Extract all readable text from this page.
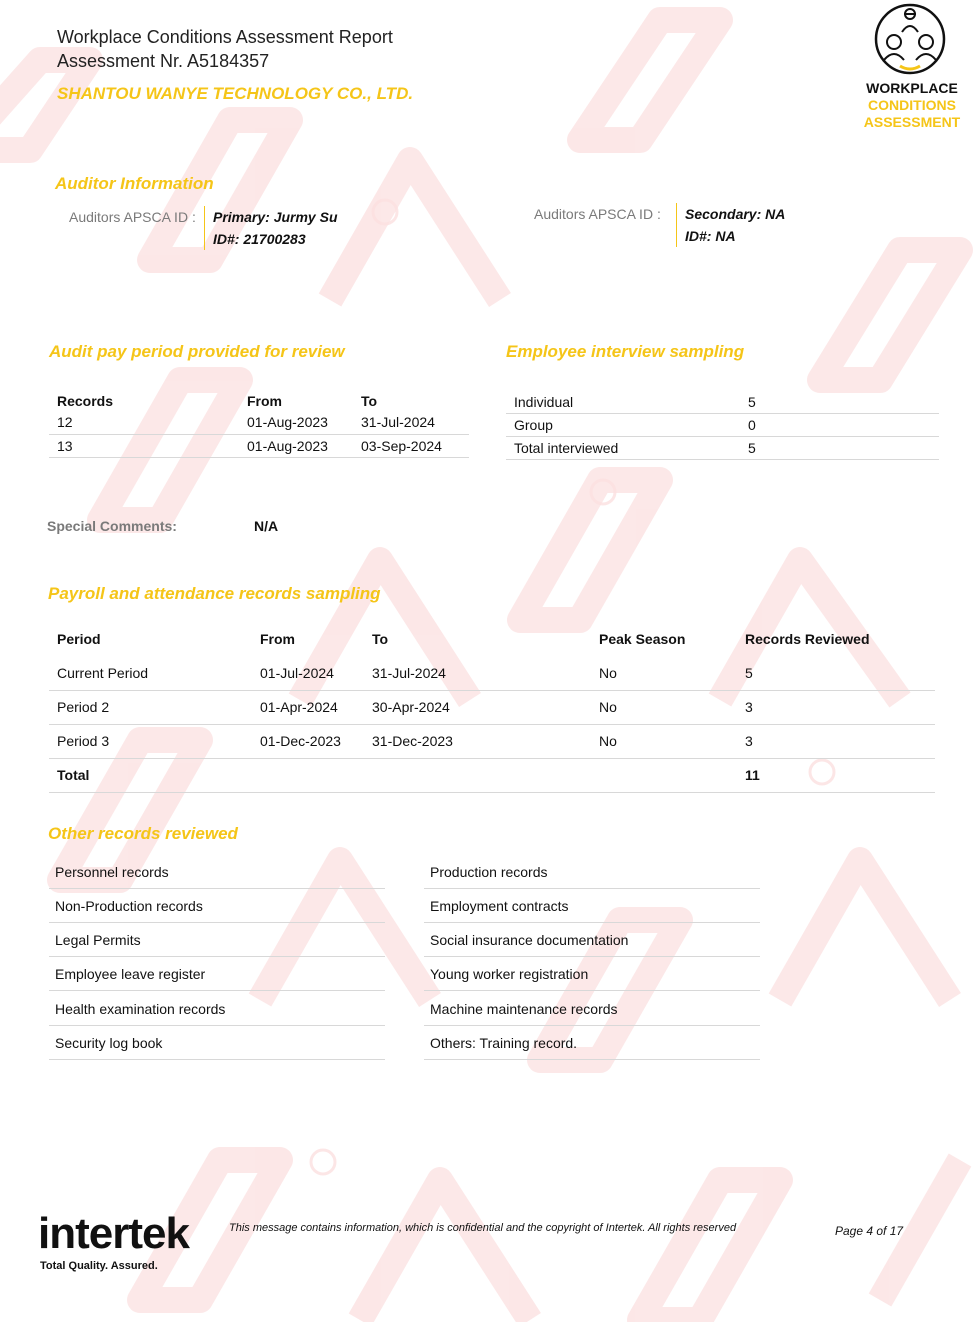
Workplace Conditions Assessment Report
Assessment Nr. A5184357
SHANTOU WANYE TECHNOLOGY CO., LTD.	WORKPLACE
CONDITIONS
ASSESSMENT
Auditor Information
Auditors APSCA ID : Primary: Jurmy Su
ID#: 21700283
Auditors APSCA ID : Secondary: NA
ID#: NA
Audit pay period provided for review
Records	From	To
12	01-Aug-2023	31-Jul-2024
13	01-Aug-2023	03-Sep-2024
Employee interview sampling
Individual	5
Group	0
Total interviewed	5
Special Comments:	N/A
Payroll and attendance records sampling
Period	From	To	Peak Season	Records Reviewed
Current Period	01-Jul-2024	31-Jul-2024	No	5
Period 2	01-Apr-2024	30-Apr-2024	No	3
Period 3	01-Dec-2023	31-Dec-2023	No	3
Total				11
Other records reviewed
Personnel records
Non-Production records
Legal Permits
Employee leave register
Health examination records
Security log book
Production records
Employment contracts
Social insurance documentation
Young worker registration
Machine maintenance records
Others: Training record.
intertek
Total Quality. Assured.
This message contains information, which is confidential and the copyright of Intertek. All rights reserved	Page 4 of 17
